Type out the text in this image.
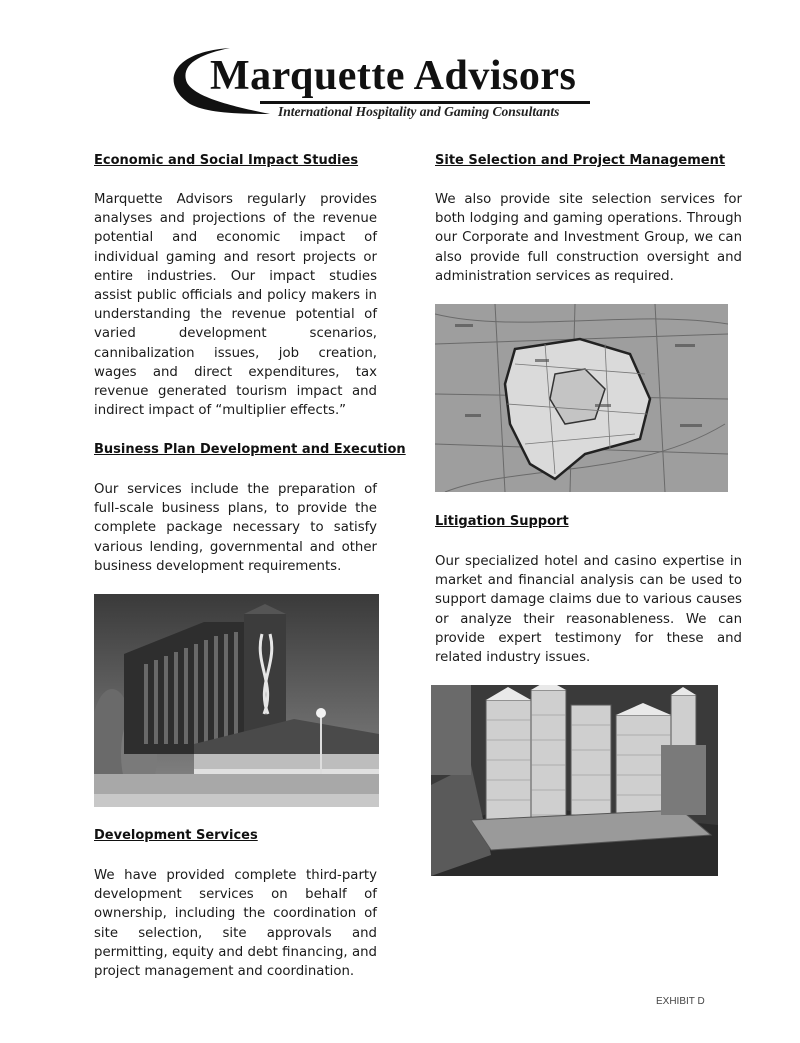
Marquette Advisors
International Hospitality and Gaming Consultants
Economic and Social Impact Studies

Marquette Advisors regularly provides analyses and projections of the revenue potential and economic impact of individual gaming and resort projects or entire industries. Our impact studies assist public officials and policy makers in understanding the revenue potential of varied development scenarios, cannibalization issues, job creation, wages and direct expenditures, tax revenue generated tourism impact and indirect impact of “multiplier effects.”

Business Plan Development and Execution

Our services include the preparation of full-scale business plans, to provide the complete package necessary to satisfy various lending, governmental and other business development requirements.

Development Services

We have provided complete third-party development services on behalf of ownership, including the coordination of site selection, site approvals and permitting, equity and debt financing, and project management and coordination.

Site Selection and Project Management

We also provide site selection services for both lodging and gaming operations. Through our Corporate and Investment Group, we can also provide full construction oversight and administration services as required.

Litigation Support

Our specialized hotel and casino expertise in market and financial analysis can be used to support damage claims due to various causes or analyze their reasonableness. We can provide expert testimony for these and related industry issues.

EXHIBIT D
